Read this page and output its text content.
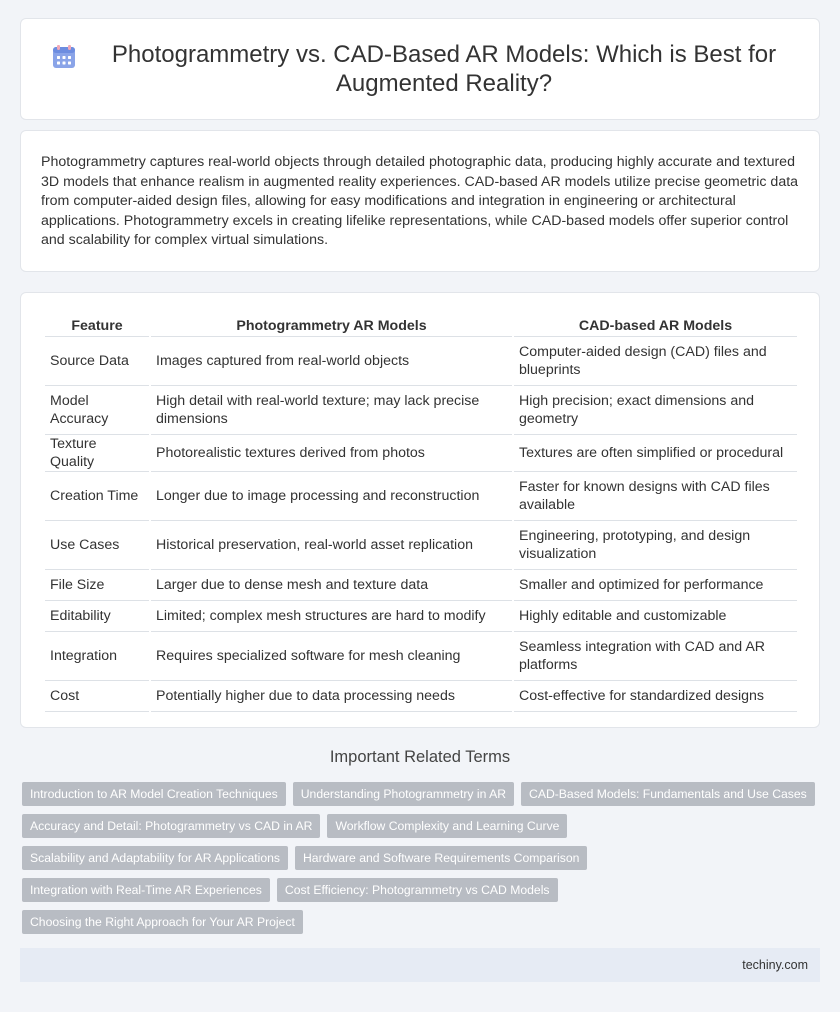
Photogrammetry vs. CAD-Based AR Models: Which is Best for Augmented Reality?

Photogrammetry captures real-world objects through detailed photographic data, producing highly accurate and textured 3D models that enhance realism in augmented reality experiences. CAD-based AR models utilize precise geometric data from computer-aided design files, allowing for easy modifications and integration in engineering or architectural applications. Photogrammetry excels in creating lifelike representations, while CAD-based models offer superior control and scalability for complex virtual simulations.

Feature	Photogrammetry AR Models	CAD-based AR Models
Source Data	Images captured from real-world objects	Computer-aided design (CAD) files and blueprints
Model Accuracy	High detail with real-world texture; may lack precise dimensions	High precision; exact dimensions and geometry
Texture Quality	Photorealistic textures derived from photos	Textures are often simplified or procedural
Creation Time	Longer due to image processing and reconstruction	Faster for known designs with CAD files available
Use Cases	Historical preservation, real-world asset replication	Engineering, prototyping, and design visualization
File Size	Larger due to dense mesh and texture data	Smaller and optimized for performance
Editability	Limited; complex mesh structures are hard to modify	Highly editable and customizable
Integration	Requires specialized software for mesh cleaning	Seamless integration with CAD and AR platforms
Cost	Potentially higher due to data processing needs	Cost-effective for standardized designs
Important Related Terms
Introduction to AR Model Creation Techniques	Understanding Photogrammetry in AR	CAD-Based Models: Fundamentals and Use Cases
Accuracy and Detail: Photogrammetry vs CAD in AR	Workflow Complexity and Learning Curve
Scalability and Adaptability for AR Applications	Hardware and Software Requirements Comparison
Integration with Real-Time AR Experiences	Cost Efficiency: Photogrammetry vs CAD Models
Choosing the Right Approach for Your AR Project
techiny.com
